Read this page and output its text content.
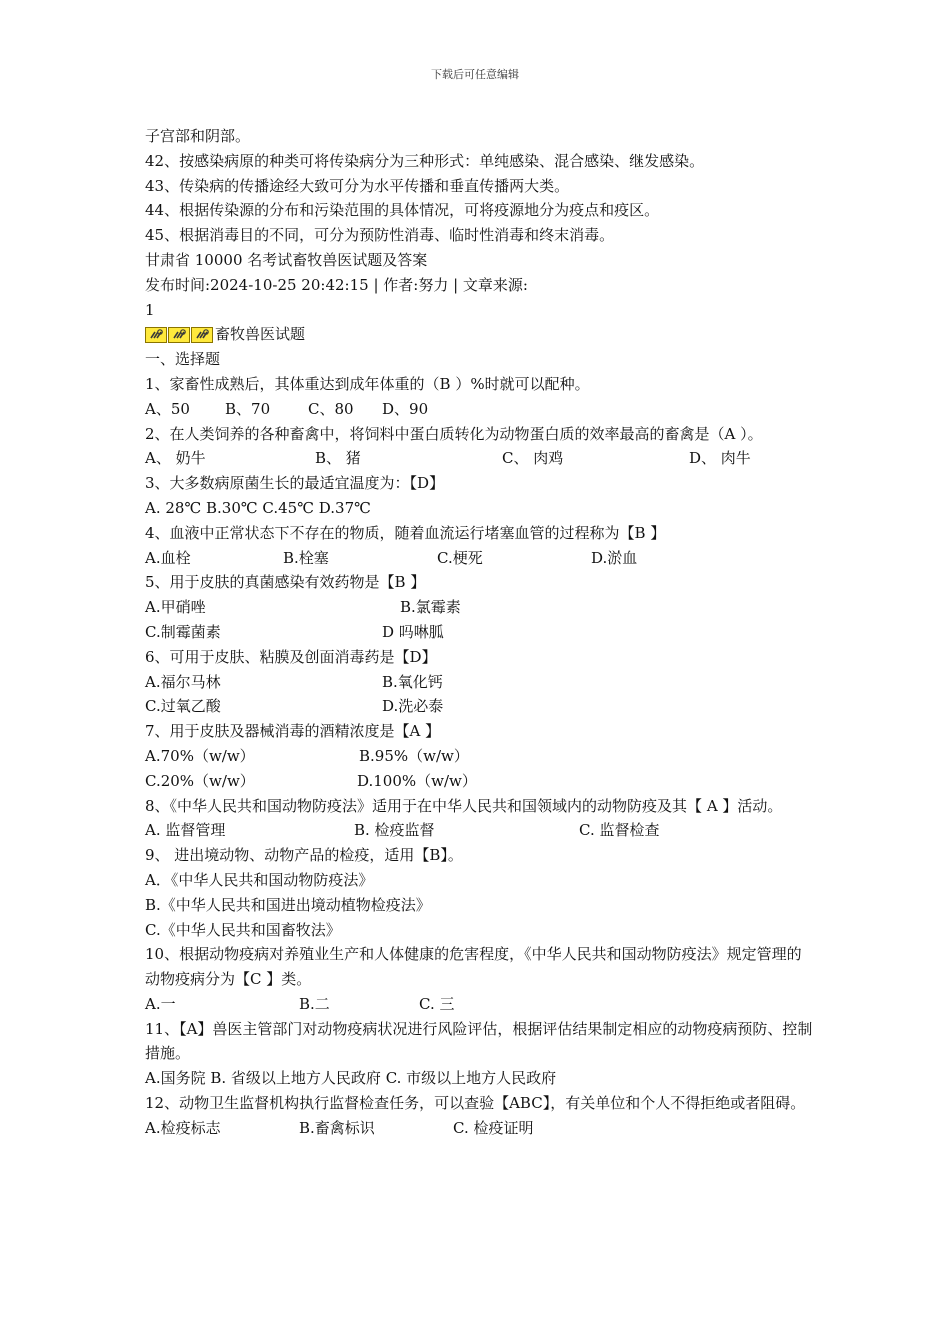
下载后可任意编辑
子宫部和阴部。
42、按感染病原的种类可将传染病分为三种形式：单纯感染、混合感染、继发感染。
43、传染病的传播途经大致可分为水平传播和垂直传播两大类。
44、根据传染源的分布和污染范围的具体情况，可将疫源地分为疫点和疫区。
45、根据消毒目的不同，可分为预防性消毒、临时性消毒和终末消毒。
甘肃省 10000 名考试畜牧兽医试题及答案
发布时间:2024-10-25 20:42:15 | 作者:努力 | 文章来源:
1
畜牧兽医试题
一、选择题
1、家畜性成熟后，其体重达到成年体重的（B ）%时就可以配种。
A、50	B、70	C、80	D、90
2、在人类饲养的各种畜禽中，将饲料中蛋白质转化为动物蛋白质的效率最高的畜禽是（A ）。
A、 奶牛	B、 猪	C、 肉鸡	D、 肉牛
3、大多数病原菌生长的最适宜温度为：【D】
A. 28℃ B.30℃ C.45℃ D.37℃
4、血液中正常状态下不存在的物质，随着血流运行堵塞血管的过程称为【B 】
A.血栓	B.栓塞	C.梗死	D.淤血
5、用于皮肤的真菌感染有效药物是【B 】
A.甲硝唑	B.氯霉素
C.制霉菌素	D 吗啉胍
6、可用于皮肤、粘膜及创面消毒药是【D】
A.福尔马林	B.氧化钙
C.过氧乙酸	D.洗必泰
7、用于皮肤及器械消毒的酒精浓度是【A 】
A.70%（w/w）	B.95%（w/w）
C.20%（w/w）	D.100%（w/w）
8、《中华人民共和国动物防疫法》适用于在中华人民共和国领域内的动物防疫及其【 A 】活动。
A. 监督管理	B. 检疫监督	C. 监督检查
9、 进出境动物、动物产品的检疫，适用【B】。
A．《中华人民共和国动物防疫法》
B.《中华人民共和国进出境动植物检疫法》
C.《中华人民共和国畜牧法》
10、根据动物疫病对养殖业生产和人体健康的危害程度，《中华人民共和国动物防疫法》规定管理的动物疫病分为【C 】类。
A.一	B.二	C. 三
11、【A】兽医主管部门对动物疫病状况进行风险评估，根据评估结果制定相应的动物疫病预防、控制措施。
A.国务院 B. 省级以上地方人民政府 C. 市级以上地方人民政府
12、动物卫生监督机构执行监督检查任务，可以查验【ABC】，有关单位和个人不得拒绝或者阻碍。
A.检疫标志	B.畜禽标识	C. 检疫证明
